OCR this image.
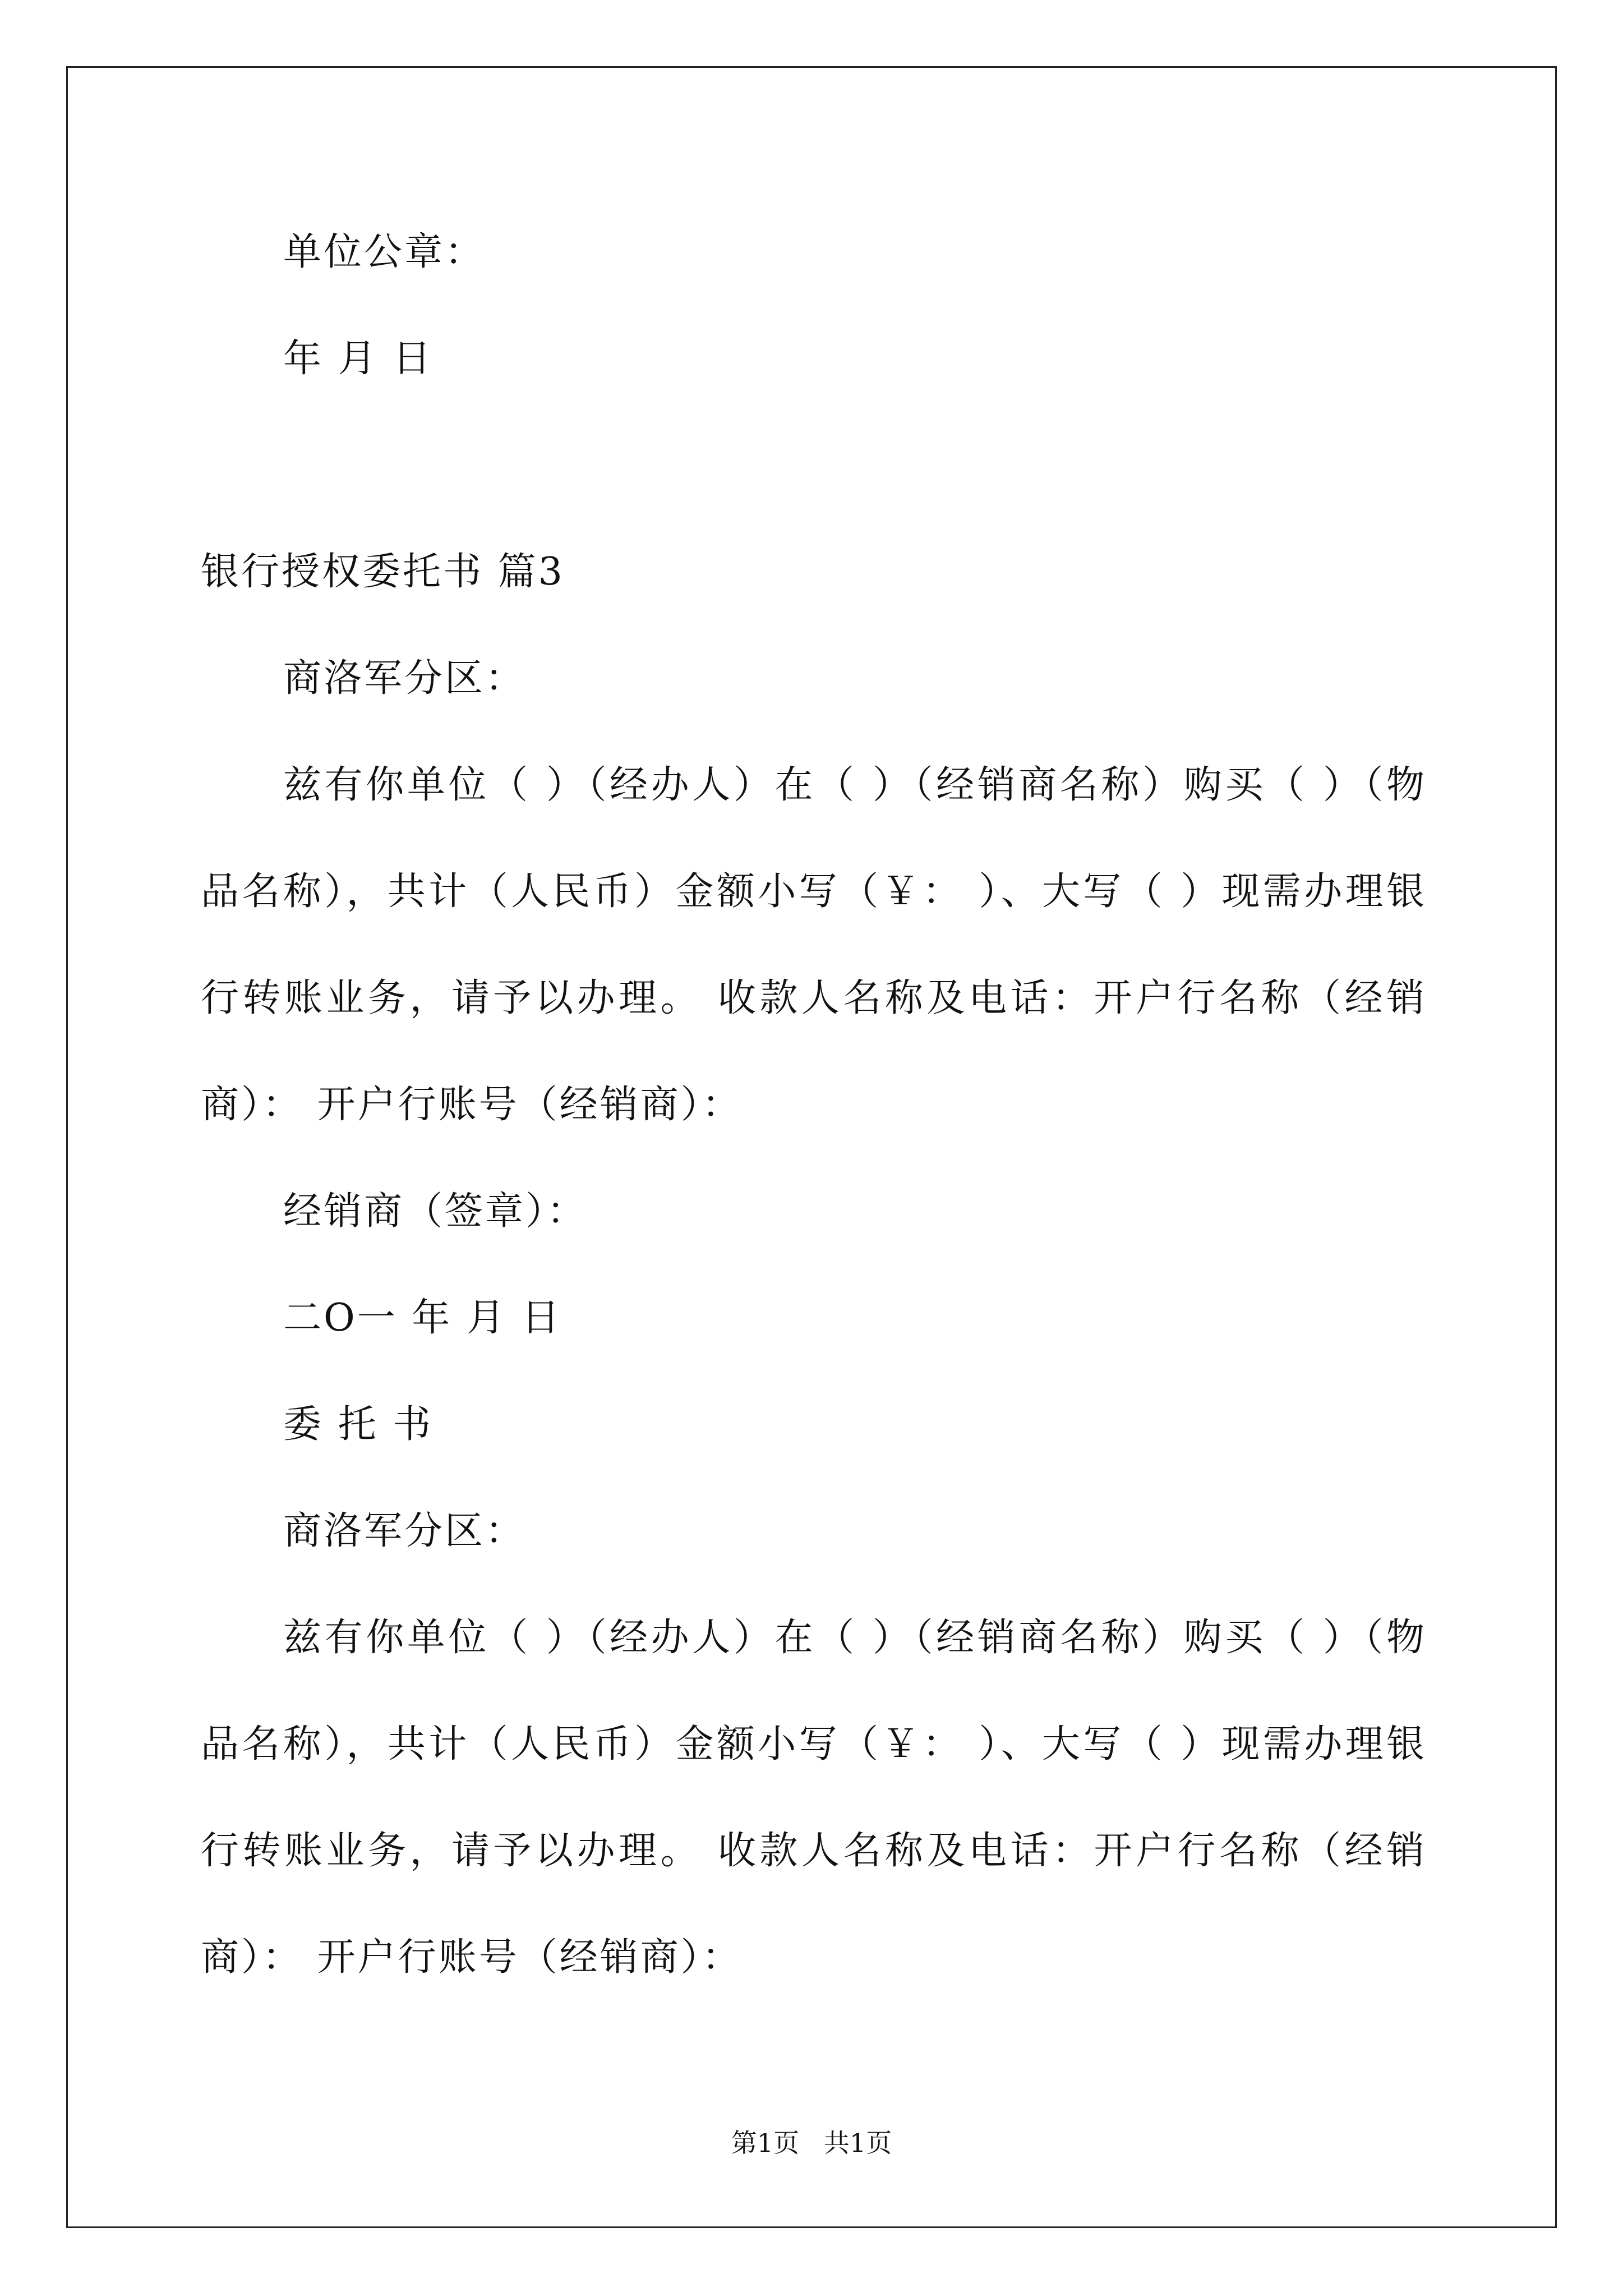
单位公章：
年 月 日
银行授权委托书 篇3
商洛军分区：
兹有你单位（ ）（经办人）在（ ）（经销商名称）购买（ ）（物
品名称），共计（人民币）金额小写（￥： ）、大写（ ）现需办理银
行转账业务，请予以办理。 收款人名称及电话：开户行名称（经销
商）： 开户行账号（经销商）：
经销商（签章）：
二O一 年 月 日
委 托 书
商洛军分区：
兹有你单位（ ）（经办人）在（ ）（经销商名称）购买（ ）（物
品名称），共计（人民币）金额小写（￥： ）、大写（ ）现需办理银
行转账业务，请予以办理。 收款人名称及电话：开户行名称（经销
商）： 开户行账号（经销商）：
第1页   共1页
